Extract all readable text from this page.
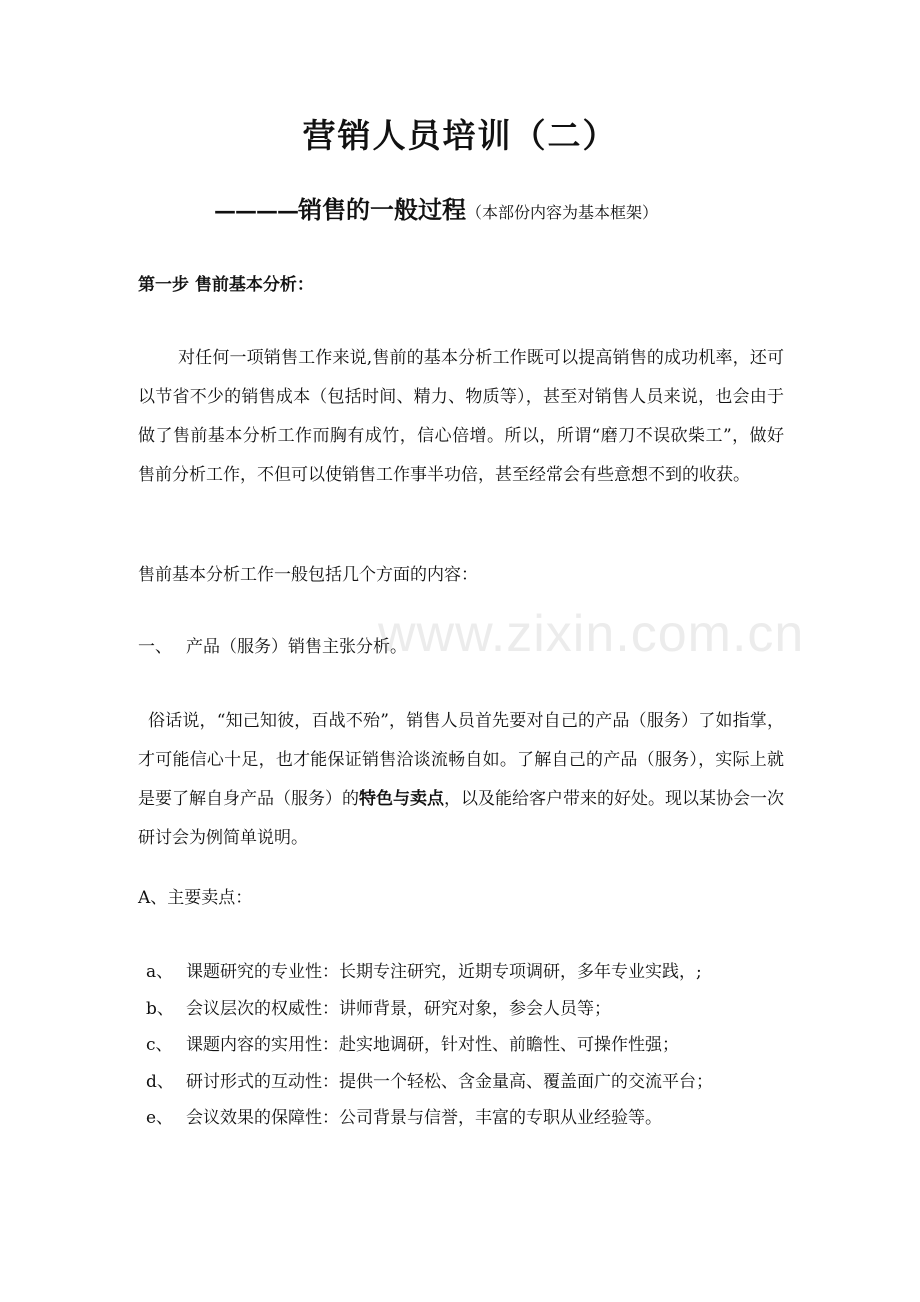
www.zixin.com.cn
营销人员培训（二）
————销售的一般过程（本部份内容为基本框架）
第一步 售前基本分析：
对任何一项销售工作来说,售前的基本分析工作既可以提高销售的成功机率，还可以节省不少的销售成本（包括时间、精力、物质等），甚至对销售人员来说，也会由于做了售前基本分析工作而胸有成竹，信心倍增。所以，所谓“磨刀不误砍柴工”，做好售前分析工作，不但可以使销售工作事半功倍，甚至经常会有些意想不到的收获。
售前基本分析工作一般包括几个方面的内容：
一、 产品（服务）销售主张分析。
俗话说，“知己知彼，百战不殆”，销售人员首先要对自己的产品（服务）了如指掌，才可能信心十足，也才能保证销售洽谈流畅自如。了解自己的产品（服务），实际上就是要了解自身产品（服务）的特色与卖点，以及能给客户带来的好处。现以某协会一次研讨会为例简单说明。
A、主要卖点：
a、 课题研究的专业性：长期专注研究，近期专项调研，多年专业实践，;
b、 会议层次的权威性：讲师背景，研究对象，参会人员等；
c、 课题内容的实用性：赴实地调研，针对性、前瞻性、可操作性强；
d、 研讨形式的互动性：提供一个轻松、含金量高、覆盖面广的交流平台；
e、 会议效果的保障性：公司背景与信誉，丰富的专职从业经验等。
